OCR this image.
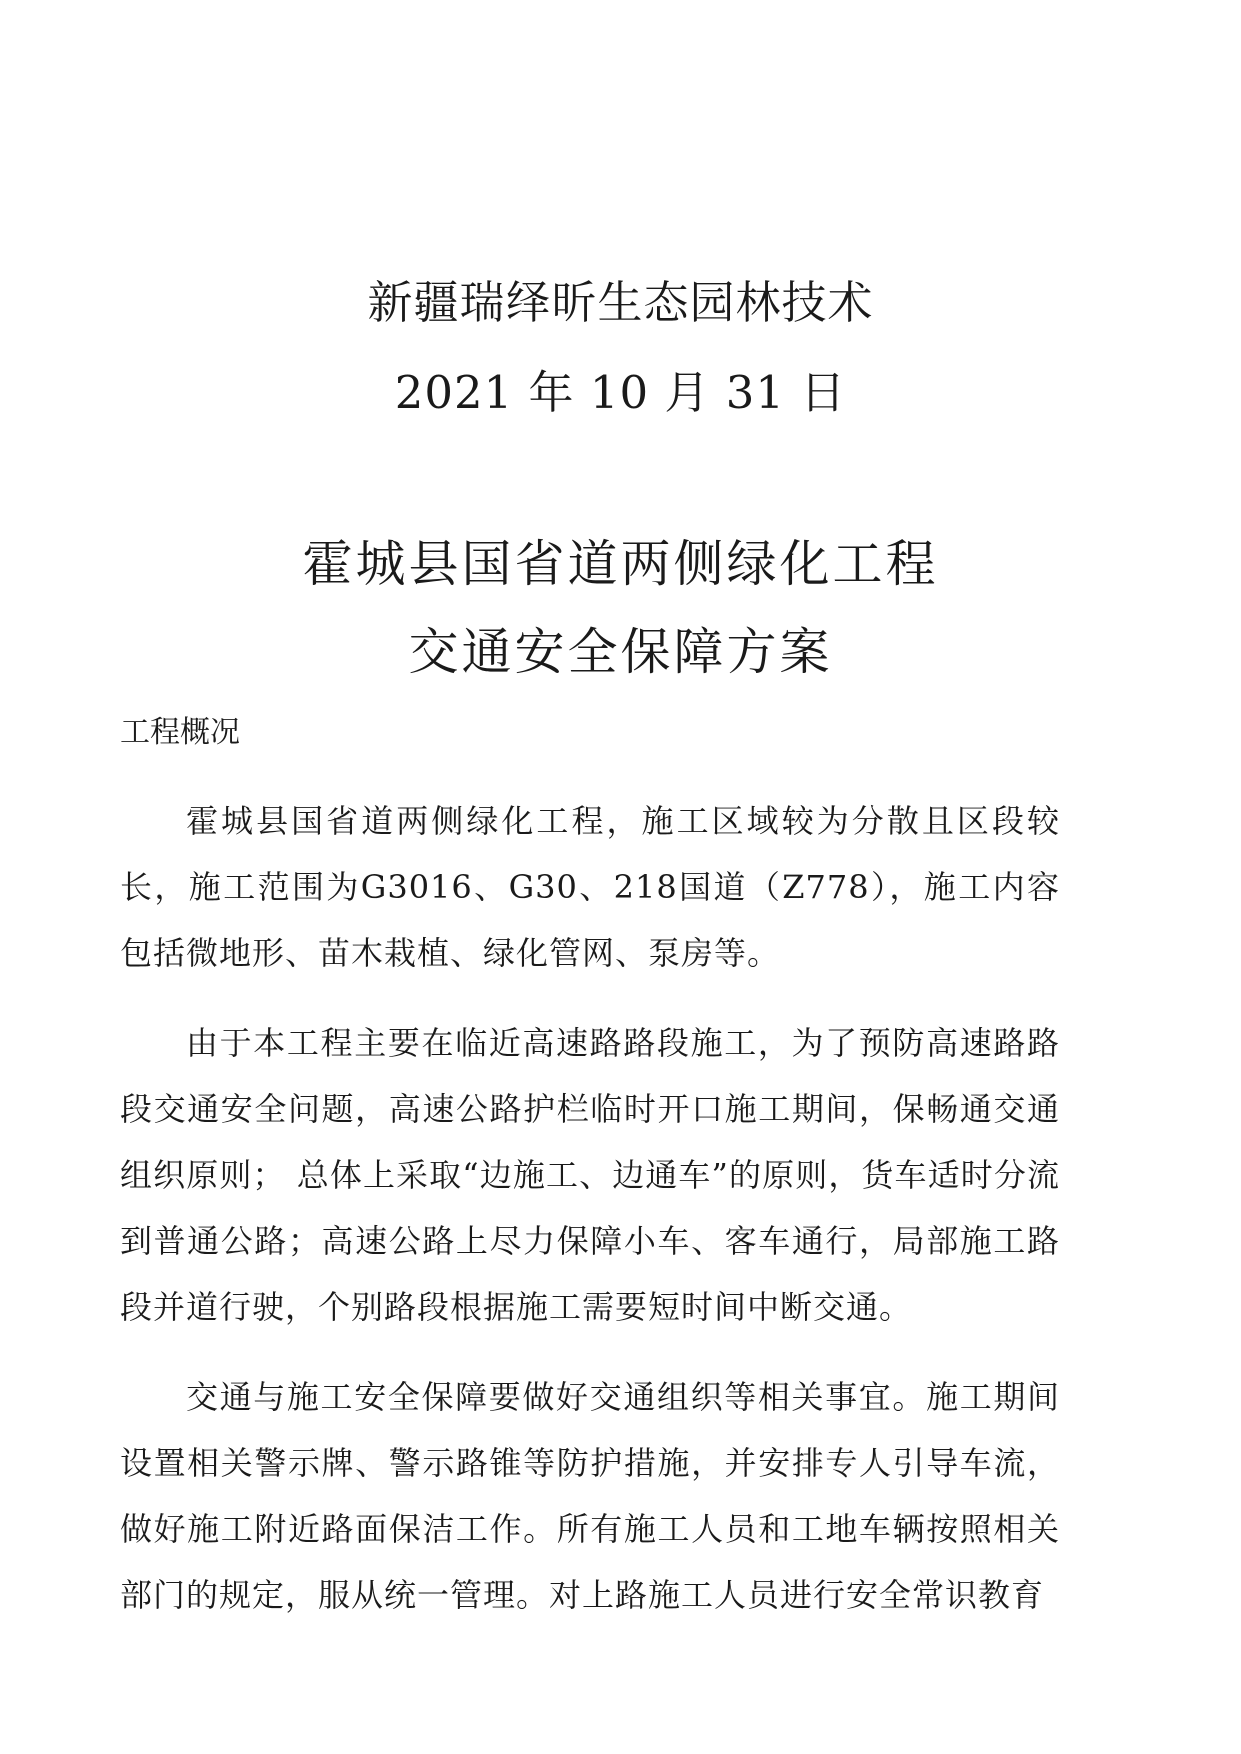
新疆瑞绎昕生态园林技术
2021 年 10 月 31 日
霍城县国省道两侧绿化工程
交通安全保障方案
工程概况

霍城县国省道两侧绿化工程，施工区域较为分散且区段较长，施工范围为G3016、G30、218国道（Z778），施工内容包括微地形、苗木栽植、绿化管网、泵房等。

由于本工程主要在临近高速路路段施工，为了预防高速路路段交通安全问题，高速公路护栏临时开口施工期间，保畅通交通组织原则； 总体上采取“边施工、边通车”的原则，货车适时分流到普通公路；高速公路上尽力保障小车、客车通行，局部施工路段并道行驶，个别路段根据施工需要短时间中断交通。

交通与施工安全保障要做好交通组织等相关事宜。施工期间设置相关警示牌、警示路锥等防护措施，并安排专人引导车流，做好施工附近路面保洁工作。所有施工人员和工地车辆按照相关部门的规定，服从统一管理。对上路施工人员进行安全常识教育
